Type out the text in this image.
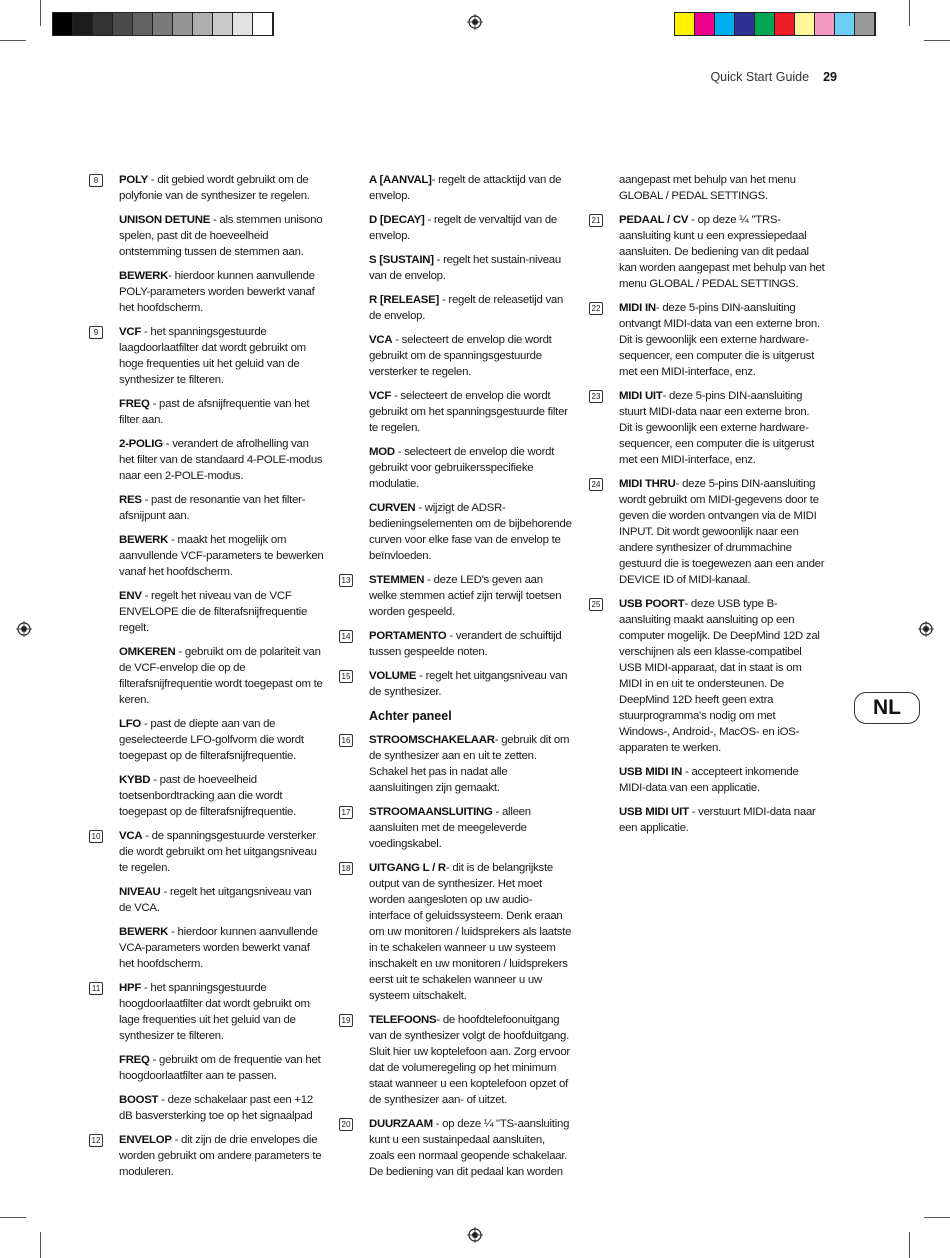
Quick Start Guide 29
8	POLY - dit gebied wordt gebruikt om de polyfonie van de synthesizer te regelen.
UNISON DETUNE - als stemmen unisono spelen, past dit de hoeveelheid ontstemming tussen de stemmen aan.
BEWERK- hierdoor kunnen aanvullende POLY-parameters worden bewerkt vanaf het hoofdscherm.
9	VCF - het spanningsgestuurde laagdoorlaatfilter dat wordt gebruikt om hoge frequenties uit het geluid van de synthesizer te filteren.
FREQ - past de afsnijfrequentie van het filter aan.
2-POLIG - verandert de afrolhelling van het filter van de standaard 4-POLE-modus naar een 2-POLE-modus.
RES - past de resonantie van het filter-afsnijpunt aan.
BEWERK - maakt het mogelijk om aanvullende VCF-parameters te bewerken vanaf het hoofdscherm.
ENV - regelt het niveau van de VCF ENVELOPE die de filterafsnijfrequentie regelt.
OMKEREN - gebruikt om de polariteit van de VCF-envelop die op de filterafsnijfrequentie wordt toegepast om te keren.
LFO - past de diepte aan van de geselecteerde LFO-golfvorm die wordt toegepast op de filterafsnijfrequentie.
KYBD - past de hoeveelheid toetsenbordtracking aan die wordt toegepast op de filterafsnijfrequentie.
10 VCA - de spanningsgestuurde versterker die wordt gebruikt om het uitgangsniveau te regelen.
NIVEAU - regelt het uitgangsniveau van de VCA.
BEWERK - hierdoor kunnen aanvullende VCA-parameters worden bewerkt vanaf het hoofdscherm.
11 HPF - het spanningsgestuurde hoogdoorlaatfilter dat wordt gebruikt om lage frequenties uit het geluid van de synthesizer te filteren.
FREQ - gebruikt om de frequentie van het hoogdoorlaatfilter aan te passen.
BOOST - deze schakelaar past een +12 dB basversterking toe op het signaalpad
12 ENVELOP - dit zijn de drie envelopes die worden gebruikt om andere parameters te moduleren.
A [AANVAL]- regelt de attacktijd van de envelop.
D [DECAY] - regelt de vervaltijd van de envelop.
S [SUSTAIN] - regelt het sustain-niveau van de envelop.
R [RELEASE] - regelt de releasetijd van de envelop.
VCA - selecteert de envelop die wordt gebruikt om de spanningsgestuurde versterker te regelen.
VCF - selecteert de envelop die wordt gebruikt om het spanningsgestuurde filter te regelen.
MOD - selecteert de envelop die wordt gebruikt voor gebruikersspecifieke modulatie.
CURVEN - wijzigt de ADSR-bedieningselementen om de bijbehorende curven voor elke fase van de envelop te beïnvloeden.
13 STEMMEN - deze LED's geven aan welke stemmen actief zijn terwijl toetsen worden gespeeld.
14 PORTAMENTO - verandert de schuiftijd tussen gespeelde noten.
15 VOLUME - regelt het uitgangsniveau van de synthesizer.
Achter paneel
16 STROOMSCHAKELAAR- gebruik dit om de synthesizer aan en uit te zetten. Schakel het pas in nadat alle aansluitingen zijn gemaakt.
17 STROOMAANSLUITING - alleen aansluiten met de meegeleverde voedingskabel.
18 UITGANG L / R- dit is de belangrijkste output van de synthesizer. Het moet worden aangesloten op uw audio-interface of geluidssysteem. Denk eraan om uw monitoren / luidsprekers als laatste in te schakelen wanneer u uw systeem inschakelt en uw monitoren / luidsprekers eerst uit te schakelen wanneer u uw systeem uitschakelt.
19 TELEFOONS- de hoofdtelefoonuitgang van de synthesizer volgt de hoofduitgang. Sluit hier uw koptelefoon aan. Zorg ervoor dat de volumeregeling op het minimum staat wanneer u een koptelefoon opzet of de synthesizer aan- of uitzet.
20 DUURZAAM - op deze ¼ "TS-aansluiting kunt u een sustainpedaal aansluiten, zoals een normaal geopende schakelaar. De bediening van dit pedaal kan worden
aangepast met behulp van het menu GLOBAL / PEDAL SETTINGS.
21 PEDAAL / CV - op deze ¼ "TRS-aansluiting kunt u een expressiepedaal aansluiten. De bediening van dit pedaal kan worden aangepast met behulp van het menu GLOBAL / PEDAL SETTINGS.
22 MIDI IN- deze 5-pins DIN-aansluiting ontvangt MIDI-data van een externe bron. Dit is gewoonlijk een externe hardware-sequencer, een computer die is uitgerust met een MIDI-interface, enz.
23 MIDI UIT- deze 5-pins DIN-aansluiting stuurt MIDI-data naar een externe bron. Dit is gewoonlijk een externe hardware-sequencer, een computer die is uitgerust met een MIDI-interface, enz.
24 MIDI THRU- deze 5-pins DIN-aansluiting wordt gebruikt om MIDI-gegevens door te geven die worden ontvangen via de MIDI INPUT. Dit wordt gewoonlijk naar een andere synthesizer of drummachine gestuurd die is toegewezen aan een ander DEVICE ID of MIDI-kanaal.
25 USB POORT- deze USB type B-aansluiting maakt aansluiting op een computer mogelijk. De DeepMind 12D zal verschijnen als een klasse-compatibel USB MIDI-apparaat, dat in staat is om MIDI in en uit te ondersteunen. De DeepMind 12D heeft geen extra stuurprogramma's nodig om met Windows-, Android-, MacOS- en iOS-apparaten te werken.
USB MIDI IN - accepteert inkomende MIDI-data van een applicatie.
USB MIDI UIT - verstuurt MIDI-data naar een applicatie.
NL
